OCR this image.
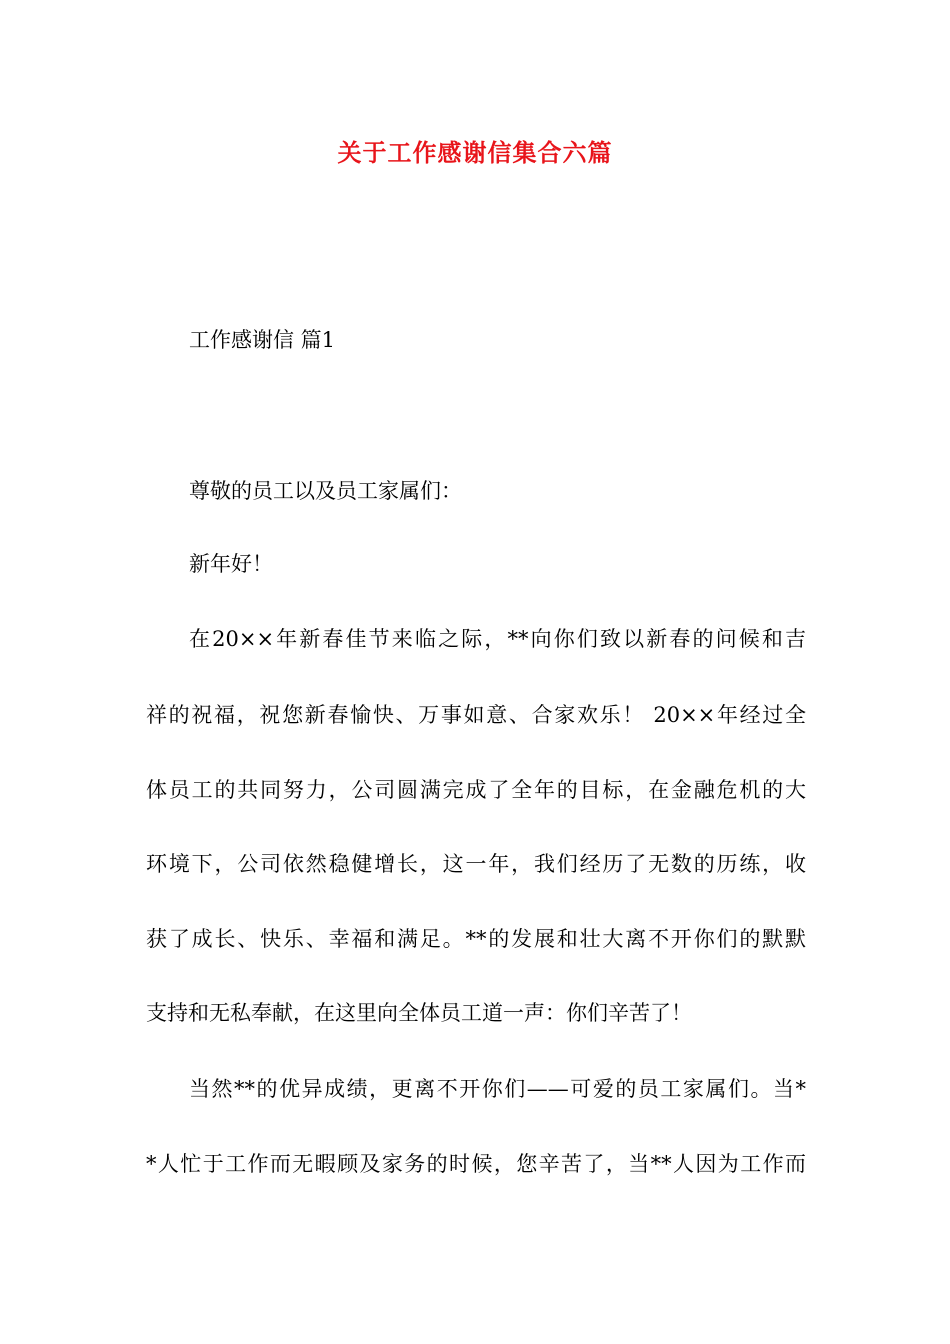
关于工作感谢信集合六篇
工作感谢信 篇1
尊敬的员工以及员工家属们：
新年好！
在20××年新春佳节来临之际，**向你们致以新春的问候和吉
祥的祝福，祝您新春愉快、万事如意、合家欢乐！ 20××年经过全
体员工的共同努力，公司圆满完成了全年的目标，在金融危机的大
环境下，公司依然稳健增长，这一年，我们经历了无数的历练，收
获了成长、快乐、幸福和满足。**的发展和壮大离不开你们的默默
支持和无私奉献，在这里向全体员工道一声：你们辛苦了！
当然**的优异成绩，更离不开你们——可爱的员工家属们。当*
*人忙于工作而无暇顾及家务的时候，您辛苦了，当**人因为工作而
